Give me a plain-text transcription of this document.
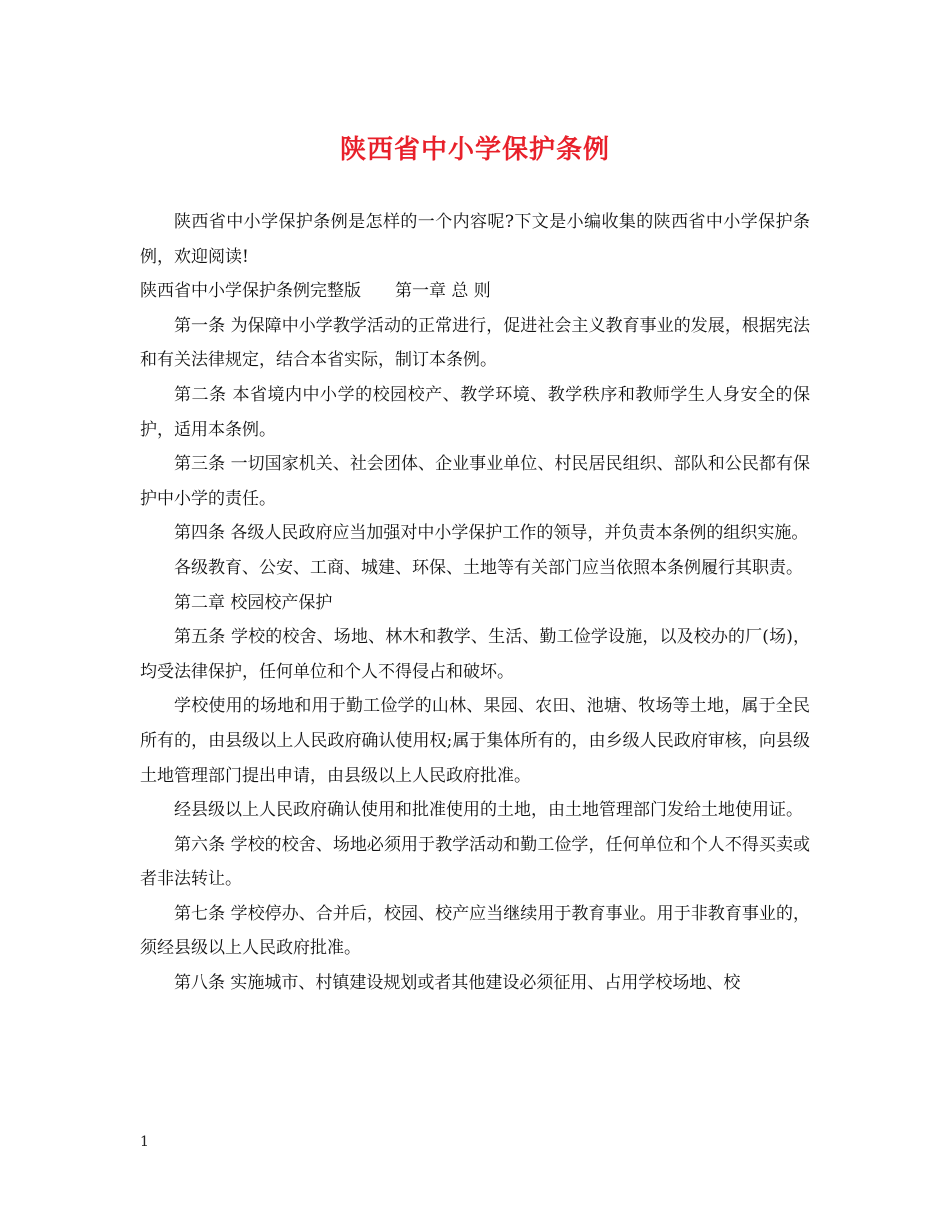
陕西省中小学保护条例

陕西省中小学保护条例是怎样的一个内容呢?下文是小编收集的陕西省中小学保护条例，欢迎阅读!

陕西省中小学保护条例完整版　　第一章 总 则

第一条 为保障中小学教学活动的正常进行，促进社会主义教育事业的发展，根据宪法和有关法律规定，结合本省实际，制订本条例。

第二条 本省境内中小学的校园校产、教学环境、教学秩序和教师学生人身安全的保护，适用本条例。

第三条 一切国家机关、社会团体、企业事业单位、村民居民组织、部队和公民都有保护中小学的责任。

第四条 各级人民政府应当加强对中小学保护工作的领导，并负责本条例的组织实施。

各级教育、公安、工商、城建、环保、土地等有关部门应当依照本条例履行其职责。

第二章 校园校产保护

第五条 学校的校舍、场地、林木和教学、生活、勤工俭学设施，以及校办的厂(场)，均受法律保护，任何单位和个人不得侵占和破坏。

学校使用的场地和用于勤工俭学的山林、果园、农田、池塘、牧场等土地，属于全民所有的，由县级以上人民政府确认使用权;属于集体所有的，由乡级人民政府审核，向县级土地管理部门提出申请，由县级以上人民政府批准。

经县级以上人民政府确认使用和批准使用的土地，由土地管理部门发给土地使用证。

第六条 学校的校舍、场地必须用于教学活动和勤工俭学，任何单位和个人不得买卖或者非法转让。

第七条 学校停办、合并后，校园、校产应当继续用于教育事业。用于非教育事业的，须经县级以上人民政府批准。

第八条 实施城市、村镇建设规划或者其他建设必须征用、占用学校场地、校

1
